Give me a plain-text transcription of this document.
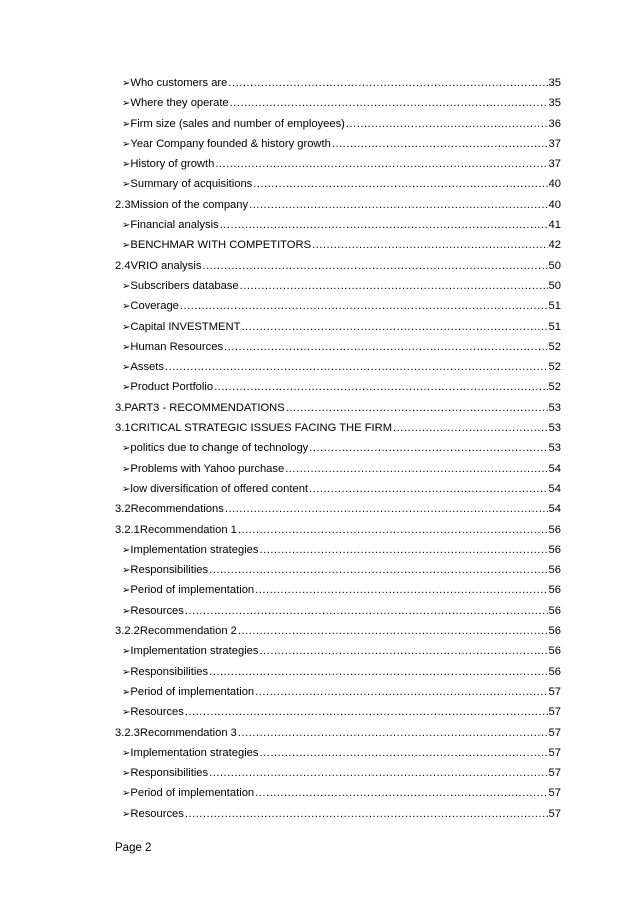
➢ Who customers are .....	35
➢ Where they operate .....	35
➢ Firm size (sales and number of employees) .....	36
➢ Year Company founded & history growth .....	37
➢ History of growth .....	37
➢ Summary of acquisitions .....	40
2.3 Mission of the company .....	40
➢ Financial analysis .....	41
➢ BENCHMAR WITH COMPETITORS .....	42
2.4 VRIO analysis .....	50
➢ Subscribers database .....	50
➢ Coverage .....	51
➢ Capital INVESTMENT .....	51
➢ Human Resources .....	52
➢ Assets .....	52
➢ Product Portfolio .....	52
3. PART3 - RECOMMENDATIONS .....	53
3.1 CRITICAL STRATEGIC ISSUES FACING THE FIRM .....	53
➢ politics due to change of technology .....	53
➢ Problems with Yahoo purchase .....	54
➢ low diversification of offered content .....	54
3.2 Recommendations .....	54
3.2.1 Recommendation 1 .....	56
➢ Implementation strategies .....	56
➢ Responsibilities .....	56
➢ Period of implementation .....	56
➢ Resources .....	56
3.2.2 Recommendation 2 .....	56
➢ Implementation strategies .....	56
➢ Responsibilities .....	56
➢ Period of implementation .....	57
➢ Resources .....	57
3.2.3 Recommendation 3 .....	57
➢ Implementation strategies .....	57
➢ Responsibilities .....	57
➢ Period of implementation .....	57
➢ Resources .....	57
Page 2
